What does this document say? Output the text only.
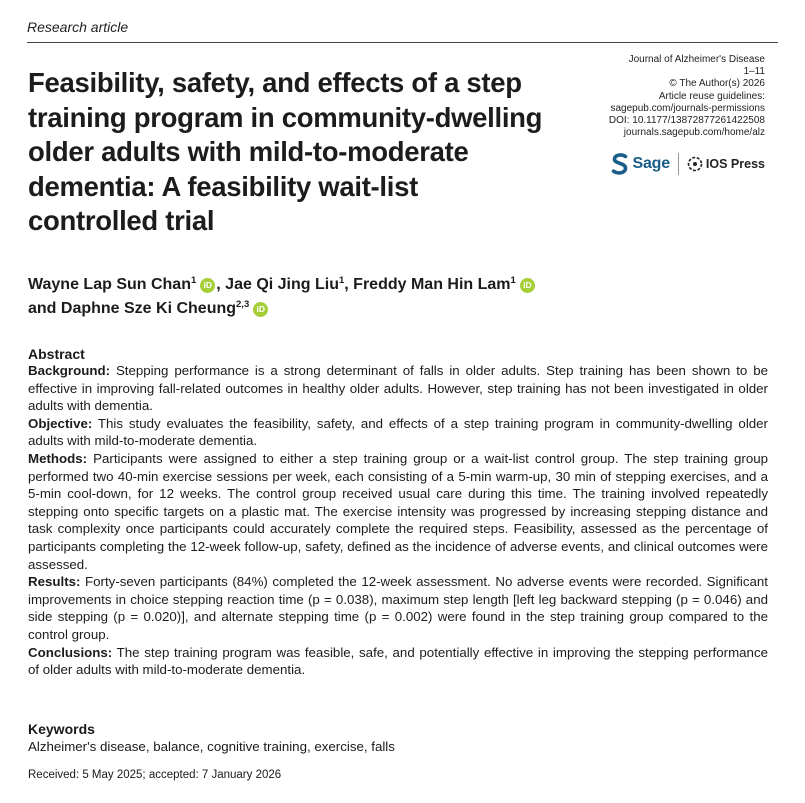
Research article
Feasibility, safety, and effects of a step
training program in community-dwelling
older adults with mild-to-moderate
dementia: A feasibility wait-list
controlled trial
Journal of Alzheimer's Disease
1–11
© The Author(s) 2026
Article reuse guidelines:
sagepub.com/journals-permissions
DOI: 10.1177/13872877261422508
journals.sagepub.com/home/alz
Sage	IOS Press
Wayne Lap Sun Chan$^1$ iD , Jae Qi Jing Liu$^1$, Freddy Man Hin Lam$^1$ iD
and Daphne Sze Ki Cheung$^{2,3}$ iD
Abstract

Background: Stepping performance is a strong determinant of falls in older adults. Step training has been shown to be effective in improving fall-related outcomes in healthy older adults. However, step training has not been investigated in older adults with dementia.

Objective: This study evaluates the feasibility, safety, and effects of a step training program in community-dwelling older adults with mild-to-moderate dementia.

Methods: Participants were assigned to either a step training group or a wait-list control group. The step training group performed two 40-min exercise sessions per week, each consisting of a 5-min warm-up, 30 min of stepping exercises, and a 5-min cool-down, for 12 weeks. The control group received usual care during this time. The training involved repeatedly stepping onto specific targets on a plastic mat. The exercise intensity was progressed by increasing stepping distance and task complexity once participants could accurately complete the required steps. Feasibility, assessed as the percentage of participants completing the 12-week follow-up, safety, defined as the incidence of adverse events, and clinical outcomes were assessed.

Results: Forty-seven participants (84%) completed the 12-week assessment. No adverse events were recorded. Significant improvements in choice stepping reaction time (p = 0.038), maximum step length [left leg backward stepping (p = 0.046) and side stepping (p = 0.020)], and alternate stepping time (p = 0.002) were found in the step training group compared to the control group.

Conclusions: The step training program was feasible, safe, and potentially effective in improving the stepping performance of older adults with mild-to-moderate dementia.

Keywords
Alzheimer's disease, balance, cognitive training, exercise, falls
Received: 5 May 2025; accepted: 7 January 2026
